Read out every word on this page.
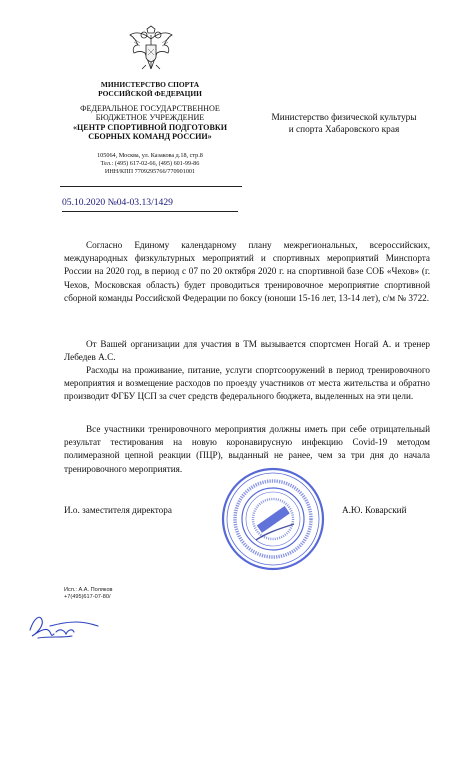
МИНИСТЕРСТВО СПОРТА
РОССИЙСКОЙ ФЕДЕРАЦИИ
ФЕДЕРАЛЬНОЕ ГОСУДАРСТВЕННОЕ
БЮДЖЕТНОЕ УЧРЕЖДЕНИЕ
«ЦЕНТР СПОРТИВНОЙ ПОДГОТОВКИ
СБОРНЫХ КОМАНД РОССИИ»
105064, Москва, ул. Казакова д.18, стр.8
Тел.: (495) 617-02-66, (495) 601-99-86
ИНН/КПП 7709295766/770901001
Министерство физической культуры
и спорта Хабаровского края
05.10.2020 №04-03.13/1429

Согласно Единому календарному плану межрегиональных, всероссийских, международных физкультурных мероприятий и спортивных мероприятий Минспорта России на 2020 год, в период с 07 по 20 октября 2020 г. на спортивной базе СОБ «Чехов» (г. Чехов, Московская область) будет проводиться тренировочное мероприятие спортивной сборной команды Российской Федерации по боксу (юноши 15-16 лет, 13-14 лет), с/м № 3722.

От Вашей организации для участия в ТМ вызывается спортсмен Ногай А. и тренер Лебедев А.С.

Расходы на проживание, питание, услуги спортсооружений в период тренировочного мероприятия и возмещение расходов по проезду участников от места жительства и обратно производит ФГБУ ЦСП за счет средств федерального бюджета, выделенных на эти цели.

Все участники тренировочного мероприятия должны иметь при себе отрицательный результат тестирования на новую коронавирусную инфекцию Covid-19 методом полимеразной цепной реакции (ПЦР), выданный не ранее, чем за три дня до начала тренировочного мероприятия.

И.о. заместителя директора	А.Ю. Коварский
Исп.: А.А. Поляков
+7(495)617-07-80/
